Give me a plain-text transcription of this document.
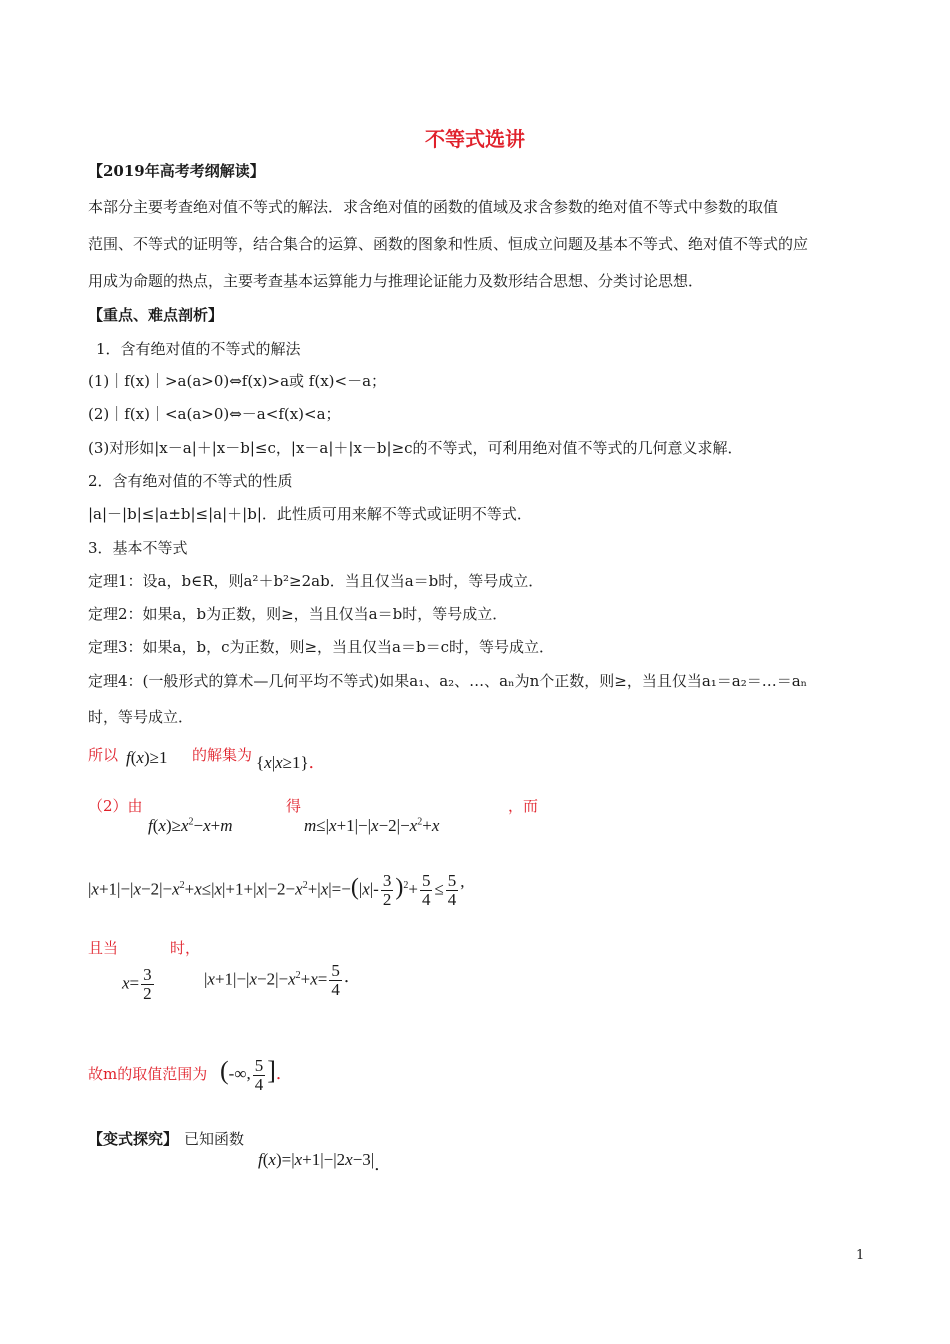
不等式选讲
【2019年高考考纲解读】
本部分主要考查绝对值不等式的解法．求含绝对值的函数的值域及求含参数的绝对值不等式中参数的取值
范围、不等式的证明等，结合集合的运算、函数的图象和性质、恒成立问题及基本不等式、绝对值不等式的应
用成为命题的热点，主要考查基本运算能力与推理论证能力及数形结合思想、分类讨论思想．
【重点、难点剖析】
1．含有绝对值的不等式的解法
(1)｜f(x)｜>a(a>0)⇔f(x)>a或 f(x)<－a；
(2)｜f(x)｜<a(a>0)⇔－a<f(x)<a；
(3)对形如|x－a|＋|x－b|≤c，|x－a|＋|x－b|≥c的不等式，可利用绝对值不等式的几何意义求解．
2．含有绝对值的不等式的性质
|a|－|b|≤|a±b|≤|a|＋|b|．此性质可用来解不等式或证明不等式．
3．基本不等式
定理1：设a，b∈R，则a²＋b²≥2ab．当且仅当a＝b时，等号成立．
定理2：如果a，b为正数，则≥，当且仅当a＝b时，等号成立．
定理3：如果a，b，c为正数，则≥，当且仅当a＝b＝c时，等号成立．
定理4：(一般形式的算术—几何平均不等式)如果a₁、a₂、…、aₙ为n个正数，则≥，当且仅当a₁＝a₂＝…＝aₙ
时，等号成立．
所以 f(x)≥1 的解集为 {x|x≥1}．
（2）由	得	，而
$f(x)\ge x^2-x+m$	$m\le|x+1|-|x-2|-x^2+x$
$|x+1|-|x-2|-x^2+x\le|x|+1+|x|-2-x^2+|x|=-(|x|- \frac{3}{2} )^2+ \frac{5}{4} \le \frac{5}{4}$ ,
且当	时，
$x= \frac{3}{2}$	$|x+1|-|x-2|-x^2+x= \frac{5}{4}$ ．
故m的取值范围为 (-∞, $\frac{5}{4}$ ]．
【变式探究】 已知函数
f(x)=|x+1|−|2x−3|．
1
